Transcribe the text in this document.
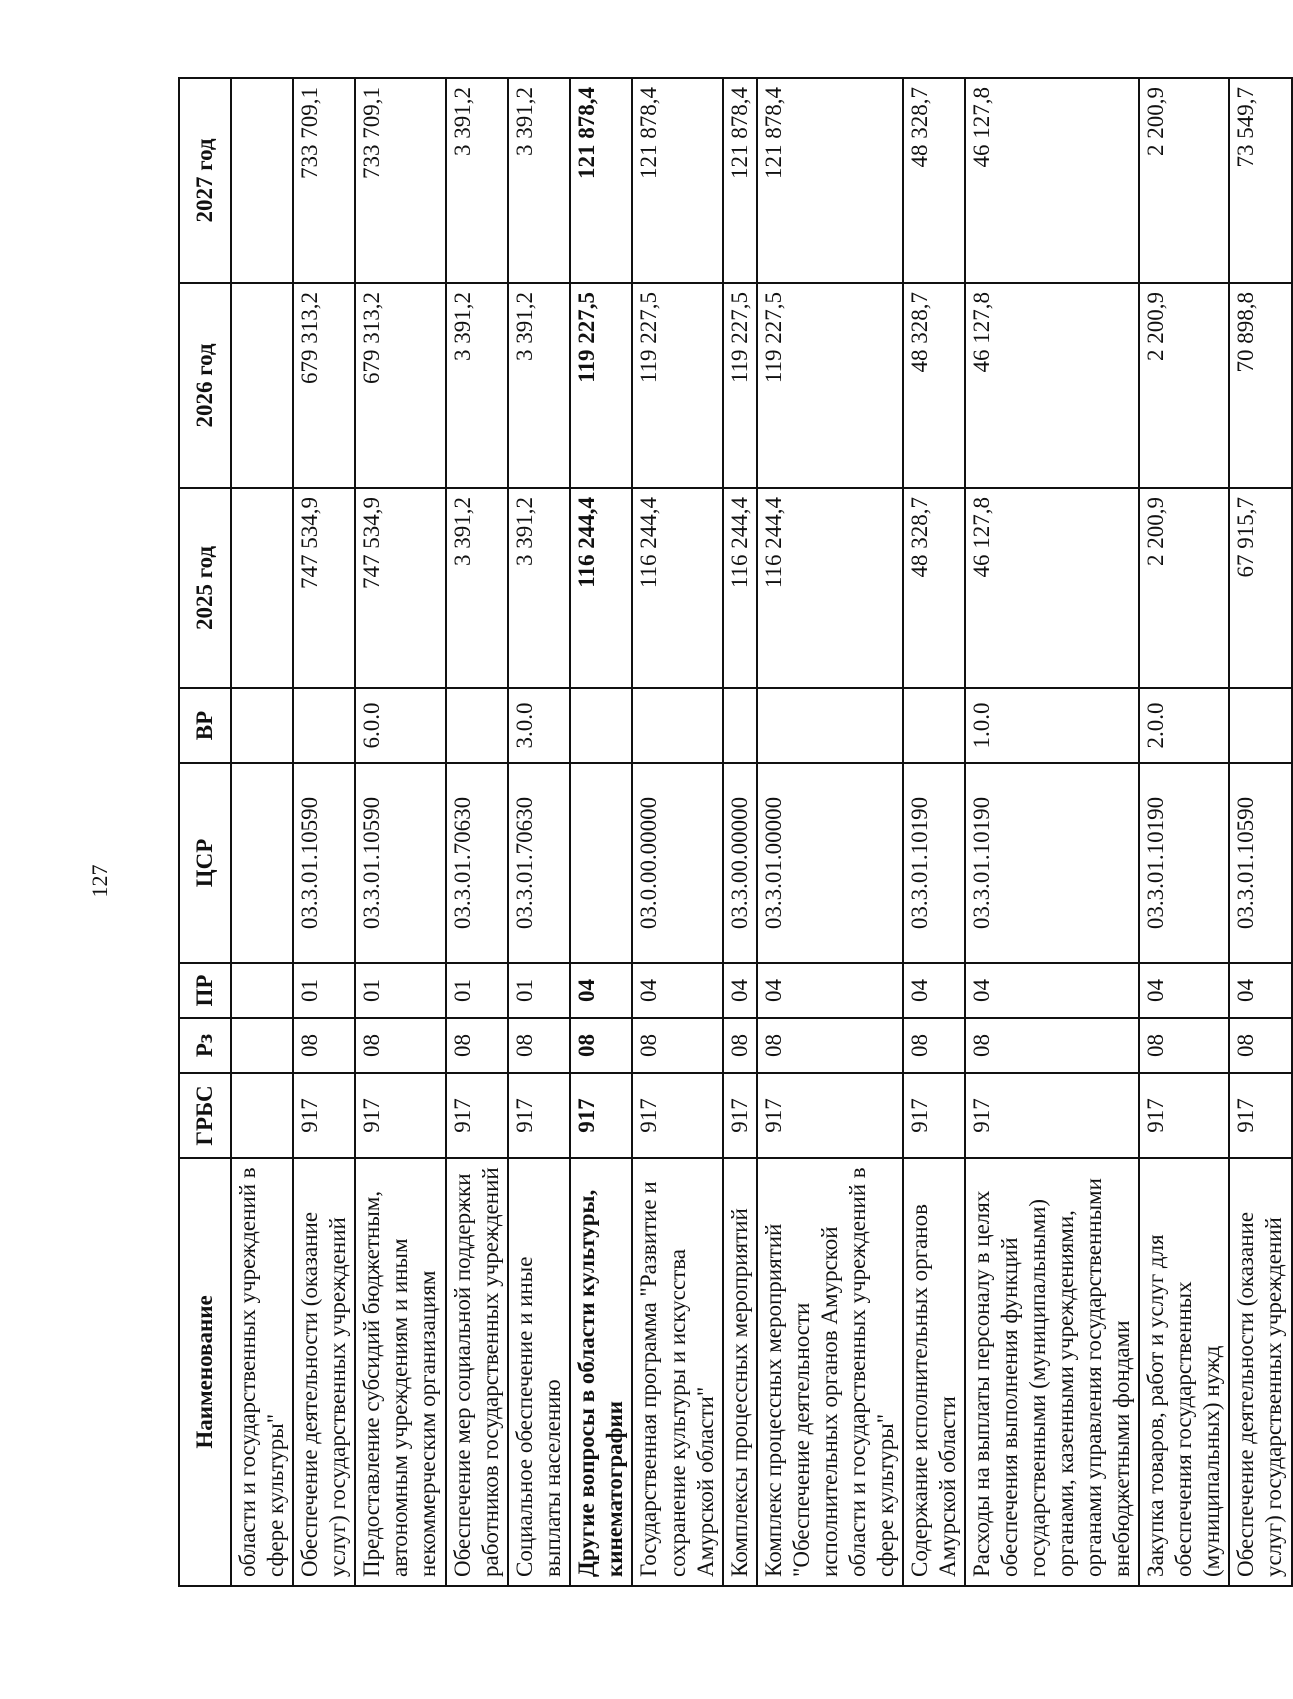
127
Наименование	ГРБС	Рз	ПР	ЦСР	ВР	2025 год	2026 год	2027 год
области и государственных учреждений в сфере культуры"								
Обеспечение деятельности (оказание услуг) государственных учреждений	917	08	01	03.3.01.10590		747 534,9	679 313,2	733 709,1
Предоставление субсидий бюджетным, автономным учреждениям и иным некоммерческим организациям	917	08	01	03.3.01.10590	6.0.0	747 534,9	679 313,2	733 709,1
Обеспечение мер социальной поддержки работников государственных учреждений	917	08	01	03.3.01.70630		3 391,2	3 391,2	3 391,2
Социальное обеспечение и иные выплаты населению	917	08	01	03.3.01.70630	3.0.0	3 391,2	3 391,2	3 391,2
Другие вопросы в области культуры, кинематографии	917	08	04			116 244,4	119 227,5	121 878,4
Государственная программа "Развитие и сохранение культуры и искусства Амурской области"	917	08	04	03.0.00.00000		116 244,4	119 227,5	121 878,4
Комплексы процессных мероприятий	917	08	04	03.3.00.00000		116 244,4	119 227,5	121 878,4
Комплекс процессных мероприятий "Обеспечение деятельности исполнительных органов Амурской области и государственных учреждений в сфере культуры"	917	08	04	03.3.01.00000		116 244,4	119 227,5	121 878,4
Содержание исполнительных органов Амурской области	917	08	04	03.3.01.10190		48 328,7	48 328,7	48 328,7
Расходы на выплаты персоналу в целях обеспечения выполнения функций государственными (муниципальными) органами, казенными учреждениями, органами управления государственными внебюджетными фондами	917	08	04	03.3.01.10190	1.0.0	46 127,8	46 127,8	46 127,8
Закупка товаров, работ и услуг для обеспечения государственных (муниципальных) нужд	917	08	04	03.3.01.10190	2.0.0	2 200,9	2 200,9	2 200,9
Обеспечение деятельности (оказание услуг) государственных учреждений	917	08	04	03.3.01.10590		67 915,7	70 898,8	73 549,7
